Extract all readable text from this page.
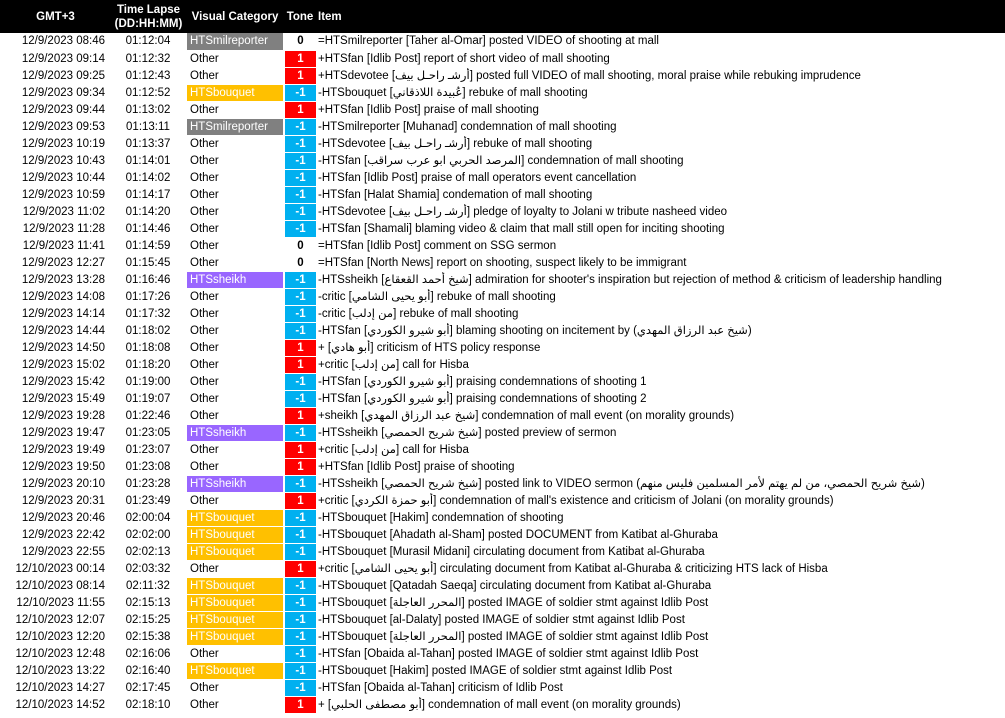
GMT+3	Time Lapse
(DD:HH:MM)	Visual Category	Tone	Item
12/9/2023 08:46	01:12:04	HTSmilreporter	0	=HTSmilreporter [Taher al-Omar] posted VIDEO of shooting at mall
12/9/2023 09:14	01:12:32	Other	1	+HTSfan [Idlib Post] report of short video of mall shooting
12/9/2023 09:25	01:12:43	Other	1	+HTSdevotee [أرشـ راحـل بيف] posted full VIDEO of mall shooting, moral praise while rebuking imprudence
12/9/2023 09:34	01:12:52	HTSbouquet	-1	-HTSbouquet [عُبيدة اللاذقاني] rebuke of mall shooting
12/9/2023 09:44	01:13:02	Other	1	+HTSfan [Idlib Post] praise of mall shooting
12/9/2023 09:53	01:13:11	HTSmilreporter	-1	-HTSmilreporter [Muhanad] condemnation of mall shooting
12/9/2023 10:19	01:13:37	Other	-1	-HTSdevotee [أرشـ راحـل بيف] rebuke of mall shooting
12/9/2023 10:43	01:14:01	Other	-1	-HTSfan [المرصد الحربي ابو عرب سراقب] condemnation of mall shooting
12/9/2023 10:44	01:14:02	Other	-1	-HTSfan [Idlib Post] praise of mall operators event cancellation
12/9/2023 10:59	01:14:17	Other	-1	-HTSfan [Halat Shamia] condemation of mall shooting
12/9/2023 11:02	01:14:20	Other	-1	-HTSdevotee [أرشـ راحـل بيف] pledge of loyalty to Jolani w tribute nasheed video
12/9/2023 11:28	01:14:46	Other	-1	-HTSfan [Shamali] blaming video & claim that mall still open for inciting shooting
12/9/2023 11:41	01:14:59	Other	0	=HTSfan [Idlib Post] comment on SSG sermon
12/9/2023 12:27	01:15:45	Other	0	=HTSfan [North News] report on shooting, suspect likely to be immigrant
12/9/2023 13:28	01:16:46	HTSsheikh	-1	-HTSsheikh [شيخ أحمد القعقاع] admiration for shooter's inspiration but rejection of method & criticism of leadership handling
12/9/2023 14:08	01:17:26	Other	-1	-critic [أبو يحيى الشامي] rebuke of mall shooting
12/9/2023 14:14	01:17:32	Other	-1	-critic [من إدلب] rebuke of mall shooting
12/9/2023 14:44	01:18:02	Other	-1	-HTSfan [أبو شيرو الكوردي] blaming shooting on incitement by (شيخ عبد الرزاق المهدي)
12/9/2023 14:50	01:18:08	Other	1	+ [أبو هادي] criticism of HTS policy response
12/9/2023 15:02	01:18:20	Other	1	+critic [من إدلب] call for Hisba
12/9/2023 15:42	01:19:00	Other	-1	-HTSfan [أبو شيرو الكوردي] praising condemnations of shooting 1
12/9/2023 15:49	01:19:07	Other	-1	-HTSfan [أبو شيرو الكوردي] praising condemnations of shooting 2
12/9/2023 19:28	01:22:46	Other	1	+sheikh [شيخ عبد الرزاق المهدي] condemnation of mall event (on morality grounds)
12/9/2023 19:47	01:23:05	HTSsheikh	-1	-HTSsheikh [شيخ شريح الحمصي] posted preview of sermon
12/9/2023 19:49	01:23:07	Other	1	+critic [من إدلب] call for Hisba
12/9/2023 19:50	01:23:08	Other	1	+HTSfan [Idlib Post] praise of shooting
12/9/2023 20:10	01:23:28	HTSsheikh	-1	-HTSsheikh [شيخ شريح الحمصي] posted link to VIDEO sermon (شيخ شريح الحمصي، من لم يهتم لأمر المسلمين فليس منهم)
12/9/2023 20:31	01:23:49	Other	1	+critic [أبو حمزة الكردي] condemnation of mall's existence and criticism of Jolani (on morality grounds)
12/9/2023 20:46	02:00:04	HTSbouquet	-1	-HTSbouquet [Hakim] condemnation of shooting
12/9/2023 22:42	02:02:00	HTSbouquet	-1	-HTSbouquet [Ahadath al-Sham] posted DOCUMENT from Katibat al-Ghuraba
12/9/2023 22:55	02:02:13	HTSbouquet	-1	-HTSbouquet [Murasil Midani] circulating document from Katibat al-Ghuraba
12/10/2023 00:14	02:03:32	Other	1	+critic [أبو يحيى الشامي] circulating document from Katibat al-Ghuraba & criticizing HTS lack of Hisba
12/10/2023 08:14	02:11:32	HTSbouquet	-1	-HTSbouquet [Qatadah Saeqa] circulating document from Katibat al-Ghuraba
12/10/2023 11:55	02:15:13	HTSbouquet	-1	-HTSbouquet [المحرر العاجلة] posted IMAGE of soldier stmt against Idlib Post
12/10/2023 12:07	02:15:25	HTSbouquet	-1	-HTSbouquet [al-Dalaty] posted IMAGE of soldier stmt against Idlib Post
12/10/2023 12:20	02:15:38	HTSbouquet	-1	-HTSbouquet [المحرر العاجلة] posted IMAGE of soldier stmt against Idlib Post
12/10/2023 12:48	02:16:06	Other	-1	-HTSfan [Obaida al-Tahan] posted IMAGE of soldier stmt against Idlib Post
12/10/2023 13:22	02:16:40	HTSbouquet	-1	-HTSbouquet [Hakim] posted IMAGE of soldier stmt against Idlib Post
12/10/2023 14:27	02:17:45	Other	-1	-HTSfan [Obaida al-Tahan] criticism of Idlib Post
12/10/2023 14:52	02:18:10	Other	1	+ [أبو مصطفى الحلبي] condemnation of mall event (on morality grounds)
